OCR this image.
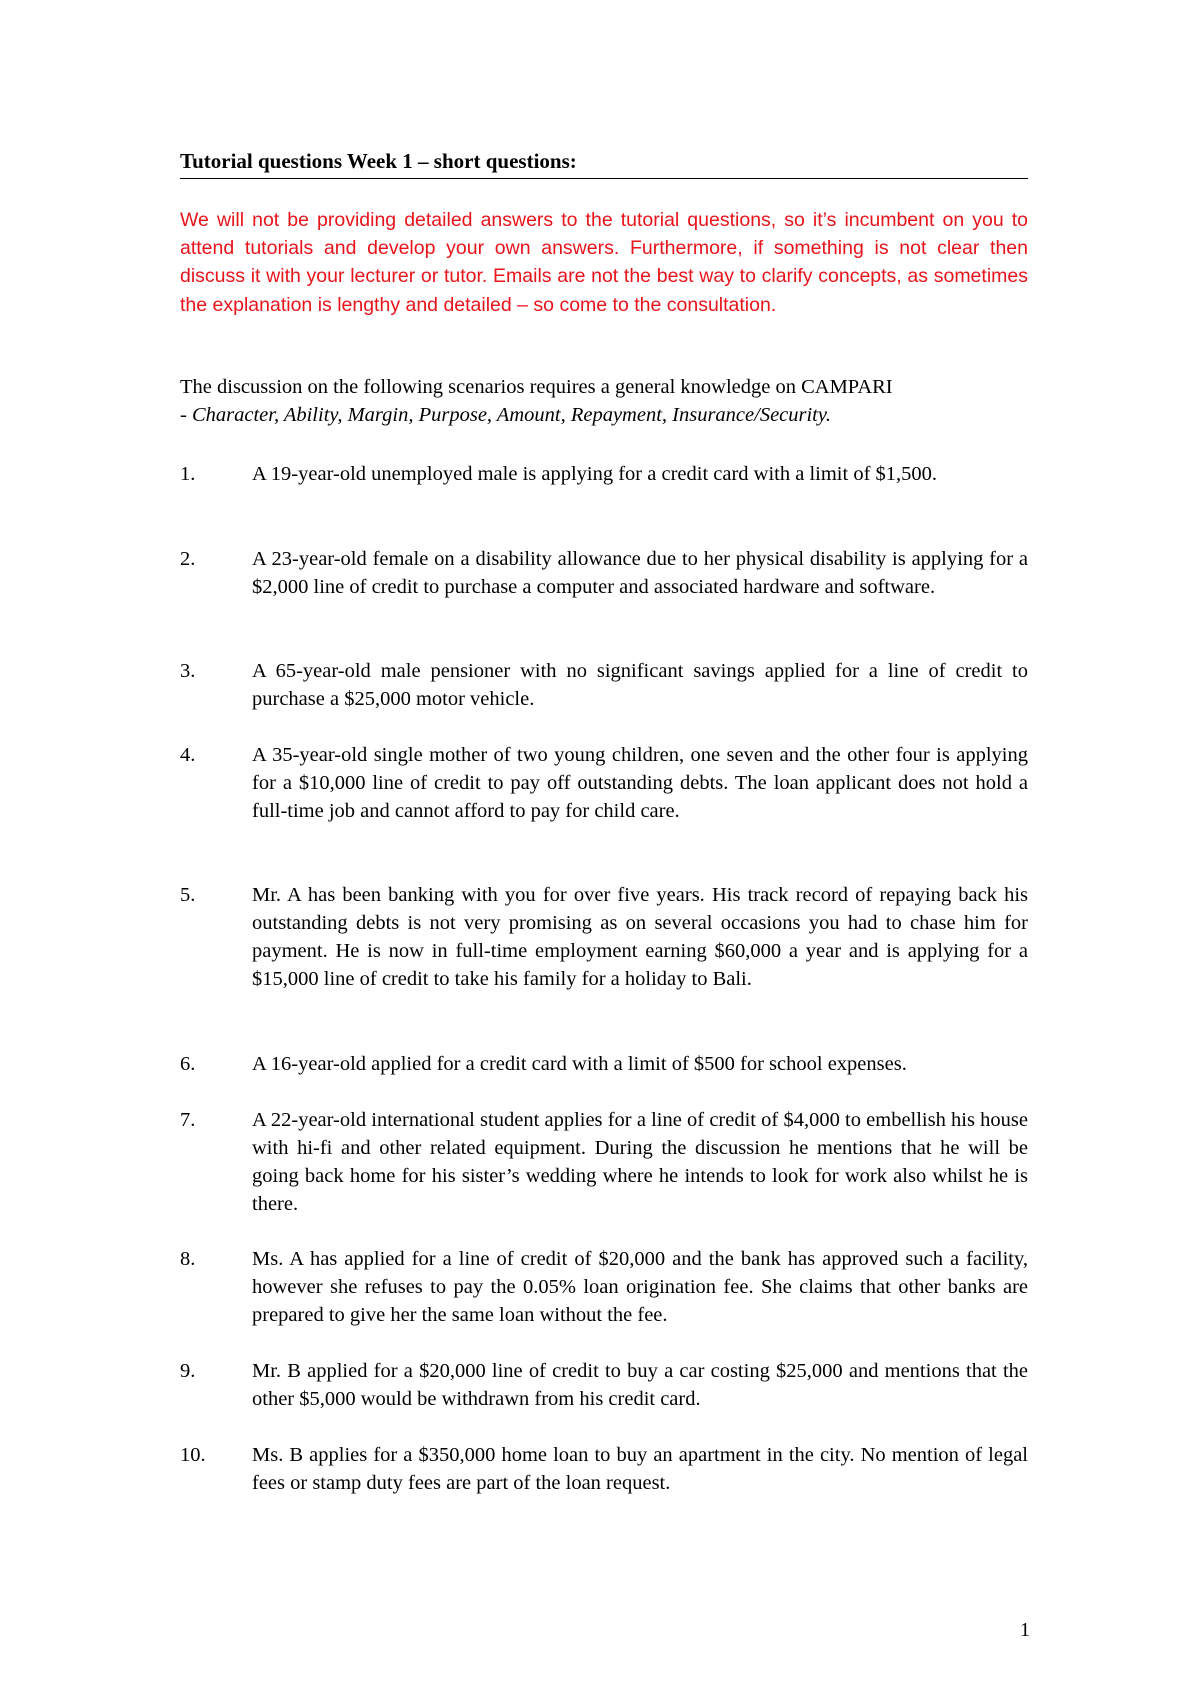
Tutorial questions Week 1 – short questions:

We will not be providing detailed answers to the tutorial questions, so it’s incumbent on you to attend tutorials and develop your own answers. Furthermore, if something is not clear then discuss it with your lecturer or tutor. Emails are not the best way to clarify concepts, as sometimes the explanation is lengthy and detailed – so come to the consultation.

The discussion on the following scenarios requires a general knowledge on CAMPARI
- Character, Ability, Margin, Purpose, Amount, Repayment, Insurance/Security.

1.	A 19-year-old unemployed male is applying for a credit card with a limit of $1,500.

2.	A 23-year-old female on a disability allowance due to her physical disability is applying for a $2,000 line of credit to purchase a computer and associated hardware and software.

3.	A 65-year-old male pensioner with no significant savings applied for a line of credit to purchase a $25,000 motor vehicle.

4.	A 35-year-old single mother of two young children, one seven and the other four is applying for a $10,000 line of credit to pay off outstanding debts. The loan applicant does not hold a full-time job and cannot afford to pay for child care.

5.	Mr. A has been banking with you for over five years. His track record of repaying back his outstanding debts is not very promising as on several occasions you had to chase him for payment. He is now in full-time employment earning $60,000 a year and is applying for a $15,000 line of credit to take his family for a holiday to Bali.

6.	A 16-year-old applied for a credit card with a limit of $500 for school expenses.

7.	A 22-year-old international student applies for a line of credit of $4,000 to embellish his house with hi-fi and other related equipment. During the discussion he mentions that he will be going back home for his sister’s wedding where he intends to look for work also whilst he is there.

8.	Ms. A has applied for a line of credit of $20,000 and the bank has approved such a facility, however she refuses to pay the 0.05% loan origination fee. She claims that other banks are prepared to give her the same loan without the fee.

9.	Mr. B applied for a $20,000 line of credit to buy a car costing $25,000 and mentions that the other $5,000 would be withdrawn from his credit card.

10. Ms. B applies for a $350,000 home loan to buy an apartment in the city. No mention of legal fees or stamp duty fees are part of the loan request.

1
